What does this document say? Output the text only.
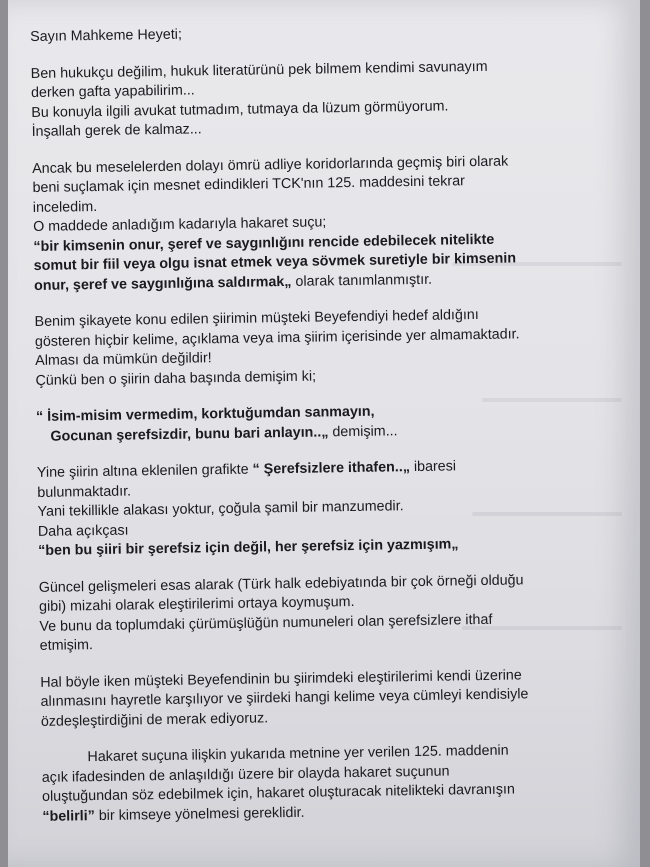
Sayın Mahkeme Heyeti;
Ben hukukçu değilim, hukuk literatürünü pek bilmem kendimi savunayım
derken gafta yapabilirim...
Bu konuyla ilgili avukat tutmadım, tutmaya da lüzum görmüyorum.
İnşallah gerek de kalmaz...
Ancak bu meselelerden dolayı ömrü adliye koridorlarında geçmiş biri olarak
beni suçlamak için mesnet edindikleri TCK'nın 125. maddesini tekrar
inceledim.
O maddede anladığım kadarıyla hakaret suçu;
“bir kimsenin onur, şeref ve saygınlığını rencide edebilecek nitelikte
somut bir fiil veya olgu isnat etmek veya sövmek suretiyle bir kimsenin
onur, şeref ve saygınlığına saldırmak„ olarak tanımlanmıştır.
Benim şikayete konu edilen şiirimin müşteki Beyefendiyi hedef aldığını
gösteren hiçbir kelime, açıklama veya ima şiirim içerisinde yer almamaktadır.
Alması da mümkün değildir!
Çünkü ben o şiirin daha başında demişim ki;
“ İsim-misim vermedim, korktuğumdan sanmayın,
Gocunan şerefsizdir, bunu bari anlayın..„ demişim...
Yine şiirin altına eklenilen grafikte “ Şerefsizlere ithafen..„ ibaresi
bulunmaktadır.
Yani tekillikle alakası yoktur, çoğula şamil bir manzumedir.
Daha açıkçası
“ben bu şiiri bir şerefsiz için değil, her şerefsiz için yazmışım„
Güncel gelişmeleri esas alarak (Türk halk edebiyatında bir çok örneği olduğu
gibi) mizahi olarak eleştirilerimi ortaya koymuşum.
Ve bunu da toplumdaki çürümüşlüğün numuneleri olan şerefsizlere ithaf
etmişim.
Hal böyle iken müşteki Beyefendinin bu şiirimdeki eleştirilerimi kendi üzerine
alınmasını hayretle karşılıyor ve şiirdeki hangi kelime veya cümleyi kendisiyle
özdeşleştirdiğini de merak ediyoruz.
Hakaret suçuna ilişkin yukarıda metnine yer verilen 125. maddenin
açık ifadesinden de anlaşıldığı üzere bir olayda hakaret suçunun
oluştuğundan söz edebilmek için, hakaret oluşturacak nitelikteki davranışın
“belirli” bir kimseye yönelmesi gereklidir.
